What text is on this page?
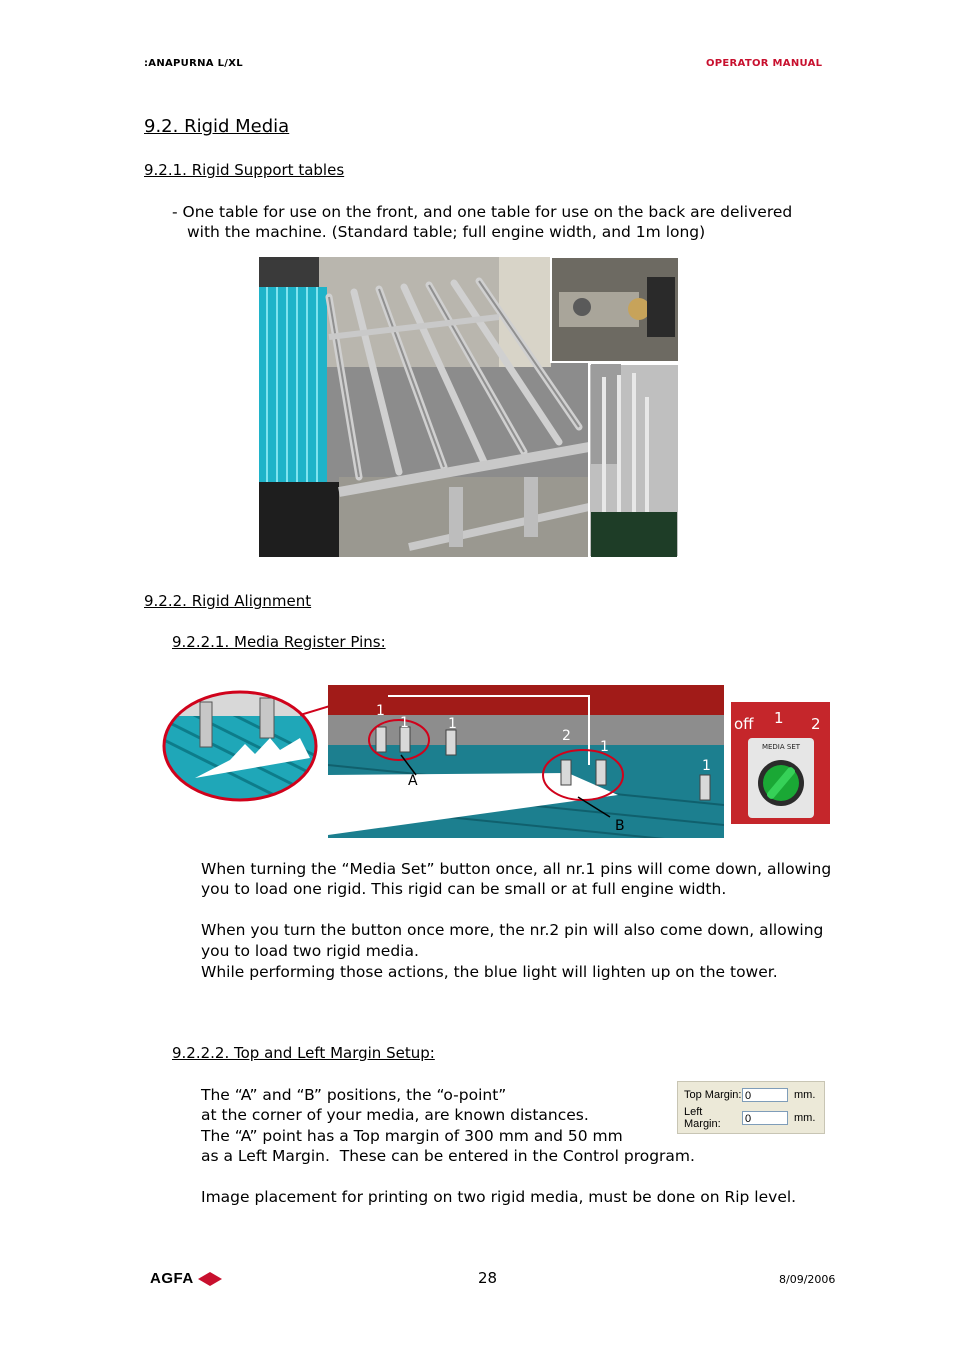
:ANAPURNA L/XL	OPERATOR MANUAL
9.2. Rigid Media
9.2.1. Rigid Support tables
- One table for use on the front, and one table for use on the back are delivered
with the machine. (Standard table; full engine width, and 1m long)
9.2.2. Rigid Alignment
9.2.2.1. Media Register Pins:
1
1	1
2
1
1
A
B
off 1 2
MEDIA SET
When turning the “Media Set” button once, all nr.1 pins will come down, allowing
you to load one rigid. This rigid can be small or at full engine width.
When you turn the button once more, the nr.2 pin will also come down, allowing
you to load two rigid media.
While performing those actions, the blue light will lighten up on the tower.
9.2.2.2. Top and Left Margin Setup:
The “A” and “B” positions, the “o-point”
at the corner of your media, are known distances.
The “A” point has a Top margin of 300 mm and 50 mm
as a Left Margin.  These can be entered in the Control program.
Image placement for printing on two rigid media, must be done on Rip level.
Top Margin: 0	mm.
Left Margin:	0	mm.
AGFA	28	8/09/2006
